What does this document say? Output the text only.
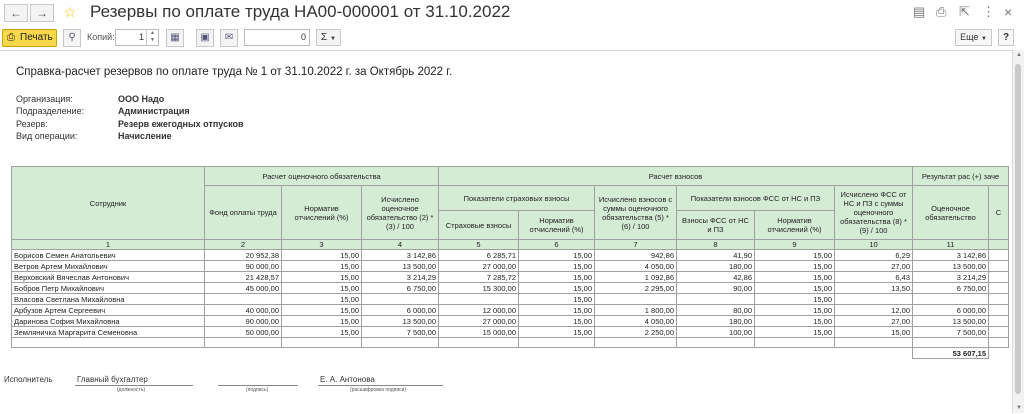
←	→	☆ Резервы по оплате труда НА00-000001 от 31.10.2022	▤ ⎙ ⇱ ⋮ ×
⎙ Печать	⚲	Копий:	1	▲
▼	▦	▣	✉	0	Σ ▼	Еще ▼	?
Справка-расчет резервов по оплате труда № 1 от 31.10.2022 г. за Октябрь 2022 г.
Организация:	ООО Надо
Подразделение:	Администрация
Резерв:	Резерв ежегодных отпусков
Вид операции:	Начисление
Сотрудник	Расчет оценочного обязательства			Расчет взносов						Результат рас (+) заче	
	Фонд оплаты труда	Норматив отчислений (%)	Исчислено оценочное обязательство (2) * (3) / 100	Показатели страховых взносы		Исчислено взносов с суммы оценочного обязательства (5) * (6) / 100	Показатели взносов ФСС от НС и ПЗ		Исчислено ФСС от НС и ПЗ с суммы оценочного обязательства (8) * (9) / 100	Оценочное обязательство	С
				Страховые взносы	Норматив отчислений (%)		Взносы ФСС от НС и ПЗ	Норматив отчислений (%)			
1	2	3	4	5	6	7	8	9	10	11	
Борисов Семен Анатольевич	20 952,38	15,00	3 142,86	6 285,71	15,00	942,86	41,90	15,00	6,29	3 142,86	
Ветров Артем Михайлович	90 000,00	15,00	13 500,00	27 000,00	15,00	4 050,00	180,00	15,00	27,00	13 500,00	
Верховский Вячеслав Антонович	21 428,57	15,00	3 214,29	7 285,72	15,00	1 092,86	42,86	15,00	6,43	3 214,29	
Бобров Петр Михайлович	45 000,00	15,00	6 750,00	15 300,00	15,00	2 295,00	90,00	15,00	13,50	6 750,00	
Власова Светлана Михайловна		15,00			15,00			15,00			
Арбузов Артем Сергеевич	40 000,00	15,00	6 000,00	12 000,00	15,00	1 800,00	80,00	15,00	12,00	6 000,00	
Даринова София Михайловна	90 000,00	15,00	13 500,00	27 000,00	15,00	4 050,00	180,00	15,00	27,00	13 500,00	
Земляничка Маргарита Семеновна	50 000,00	15,00	7 500,00	15 000,00	15,00	2 250,00	100,00	15,00	15,00	7 500,00	

										53 607,15	
Исполнитель	Главный бухгалтер
(должность)	(подпись)
Е. А. Антонова
(расшифровка подписи)
▲
▼
